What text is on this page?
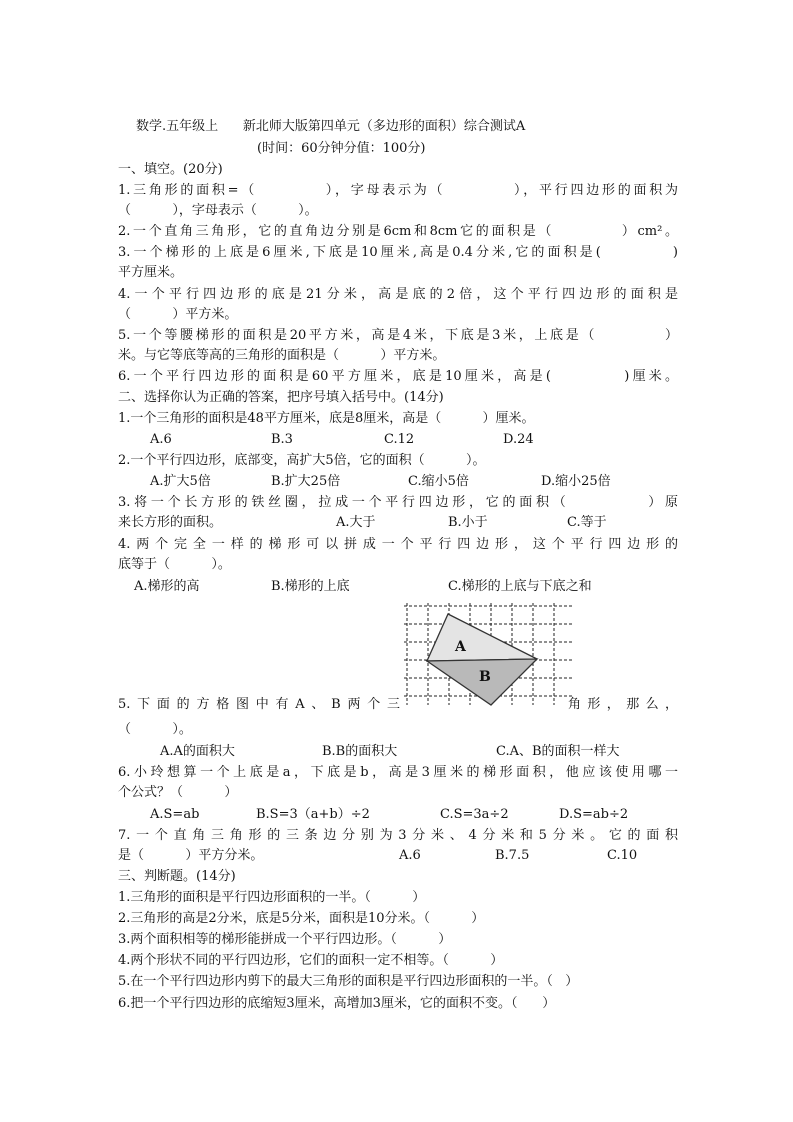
数学.五年级上      新北师大版第四单元（多边形的面积）综合测试A
(时间：60分钟分值：100分)
一、填空。(20分)
1.三角形的面积=（          ），字母表示为（          ），平行四边形的面积为
（          ），字母表示（          ）。
2.一个直角三角形，它的直角边分别是6cm和8cm它的面积是（          ）cm²。
3.一个梯形的上底是6厘米,下底是10厘米,高是0.4分米,它的面积是(          )
平方厘米。
4.一个平行四边形的底是21分米，高是底的2倍，这个平行四边形的面积是
（          ）平方米。
5.一个等腰梯形的面积是20平方米，高是4米，下底是3米，上底是（          ）
米。与它等底等高的三角形的面积是（          ）平方米。
6.一个平行四边形的面积是60平方厘米，底是10厘米，高是(          )厘米。
二、选择你认为正确的答案，把序号填入括号中。(14分)
1.一个三角形的面积是48平方厘米，底是8厘米，高是（          ）厘米。
A.6	B.3	C.12	D.24
2.一个平行四边形，底部变，高扩大5倍，它的面积（          ）。
A.扩大5倍	B.扩大25倍	C.缩小5倍	D.缩小25倍
3.将一个长方形的铁丝圈，拉成一个平行四边形，它的面积（          ）原
来长方形的面积。	A.大于	B.小于	C.等于
4.两个完全一样的梯形可以拼成一个平行四边形，这个平行四边形的
底等于（          ）。
A.梯形的高	B.梯形的上底	C.梯形的上底与下底之和
A
B
5.下面的方格图中有A、B两个三	角形，那么，
（          ）。
A.A的面积大	B.B的面积大	C.A、B的面积一样大
6.小玲想算一个上底是a，下底是b，高是3厘米的梯形面积，他应该使用哪一
个公式？（          ）
A.S=ab	B.S=3（a+b）÷2	C.S=3a÷2	D.S=ab÷2
7.一个直角三角形的三条边分别为3分米、4分米和5分米。它的面积
是（          ）平方分米。	A.6	B.7.5	C.10
三、判断题。(14分)
1.三角形的面积是平行四边形面积的一半。（          ）
2.三角形的高是2分米，底是5分米，面积是10分米。（          ）
3.两个面积相等的梯形能拼成一个平行四边形。（          ）
4.两个形状不同的平行四边形，它们的面积一定不相等。（          ）
5.在一个平行四边形内剪下的最大三角形的面积是平行四边形面积的一半。（   ）
6.把一个平行四边形的底缩短3厘米，高增加3厘米，它的面积不变。（      ）
